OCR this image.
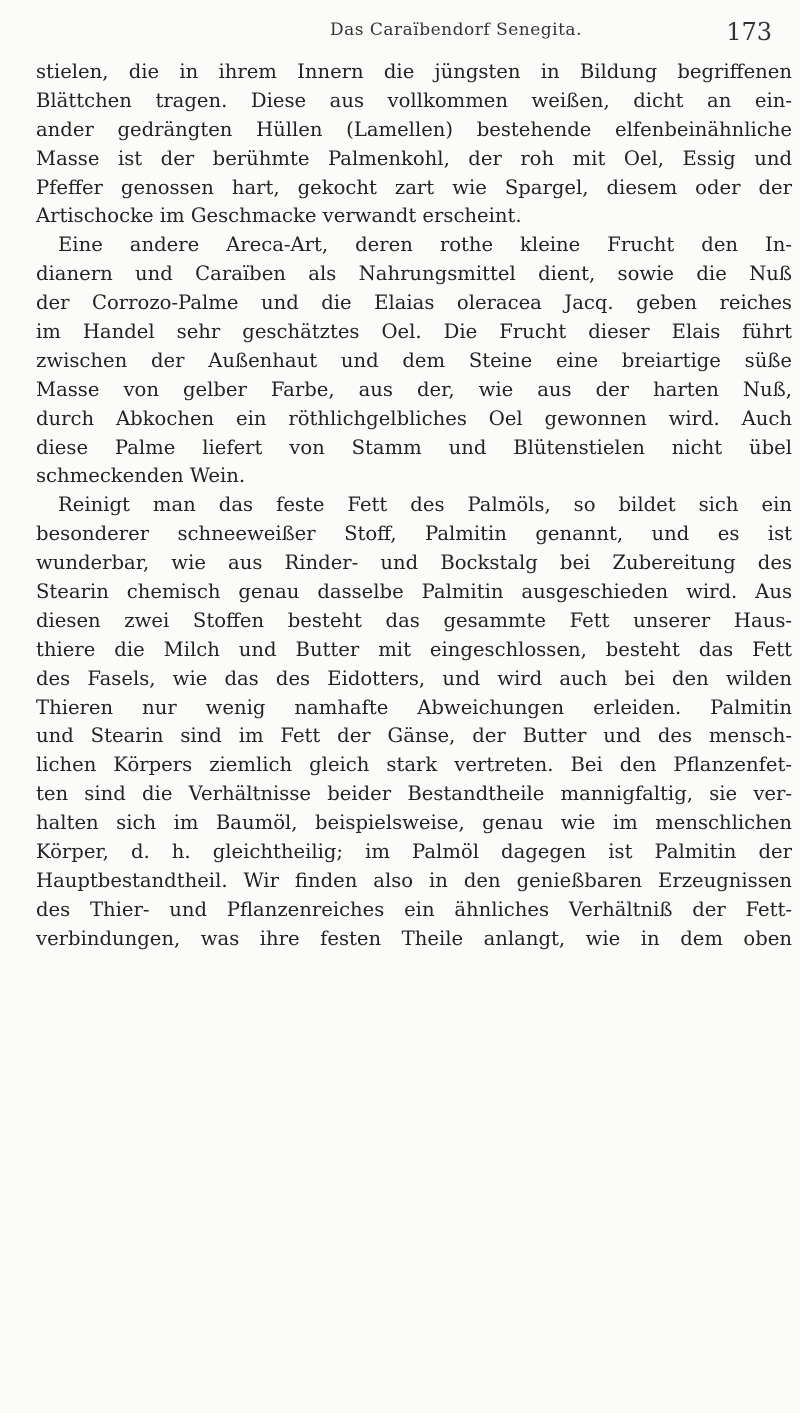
Das Caraïbendorf Senegita.	173
stielen, die in ihrem Innern die jüngsten in Bildung begriffenen
Blättchen tragen. Diese aus vollkommen weißen, dicht an ein-
ander gedrängten Hüllen (Lamellen) bestehende elfenbeinähnliche
Masse ist der berühmte Palmenkohl, der roh mit Oel, Essig und
Pfeffer genossen hart, gekocht zart wie Spargel, diesem oder der
Artischocke im Geschmacke verwandt erscheint.
Eine andere Areca-Art, deren rothe kleine Frucht den In-
dianern und Caraïben als Nahrungsmittel dient, sowie die Nuß
der Corrozo-Palme und die Elaias oleracea Jacq. geben reiches
im Handel sehr geschätztes Oel. Die Frucht dieser Elais führt
zwischen der Außenhaut und dem Steine eine breiartige süße
Masse von gelber Farbe, aus der, wie aus der harten Nuß,
durch Abkochen ein röthlichgelbliches Oel gewonnen wird. Auch
diese Palme liefert von Stamm und Blütenstielen nicht übel
schmeckenden Wein.
Reinigt man das feste Fett des Palmöls, so bildet sich ein
besonderer schneeweißer Stoff, Palmitin genannt, und es ist
wunderbar, wie aus Rinder- und Bockstalg bei Zubereitung des
Stearin chemisch genau dasselbe Palmitin ausgeschieden wird. Aus
diesen zwei Stoffen besteht das gesammte Fett unserer Haus-
thiere die Milch und Butter mit eingeschlossen, besteht das Fett
des Fasels, wie das des Eidotters, und wird auch bei den wilden
Thieren nur wenig namhafte Abweichungen erleiden. Palmitin
und Stearin sind im Fett der Gänse, der Butter und des mensch-
lichen Körpers ziemlich gleich stark vertreten. Bei den Pflanzenfet-
ten sind die Verhältnisse beider Bestandtheile mannigfaltig, sie ver-
halten sich im Baumöl, beispielsweise, genau wie im menschlichen
Körper, d. h. gleichtheilig; im Palmöl dagegen ist Palmitin der
Hauptbestandtheil. Wir finden also in den genießbaren Erzeugnissen
des Thier- und Pflanzenreiches ein ähnliches Verhältniß der Fett-
verbindungen, was ihre festen Theile anlangt, wie in dem oben
